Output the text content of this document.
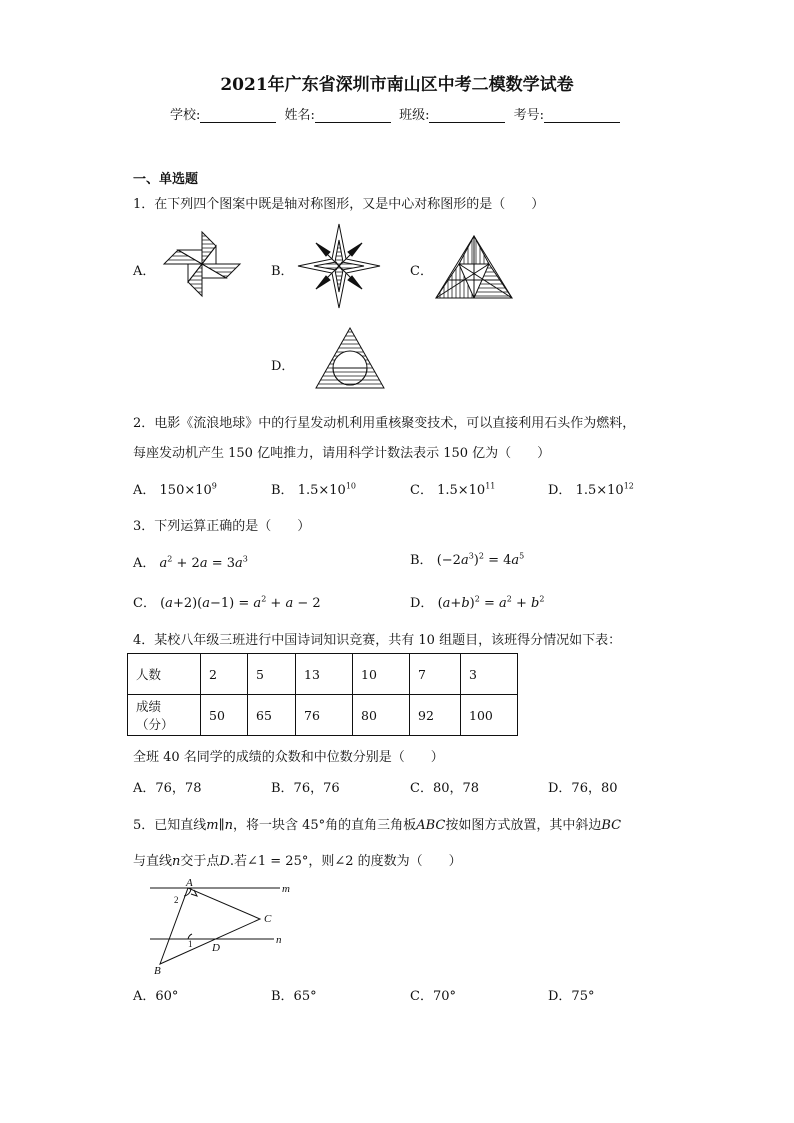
2021年广东省深圳市南山区中考二模数学试卷
学校:	姓名:	班级:	考号:
一、单选题
1．在下列四个图案中既是轴对称图形，又是中心对称图形的是（　　）
A．	B．	C．
D．
2．电影《流浪地球》中的行星发动机利用重核聚变技术，可以直接利用石头作为燃料，
每座发动机产生 150 亿吨推力，请用科学计数法表示 150 亿为（　　）
A． $150\times 10^9$	B． $1.5\times 10^{10}$	C． $1.5\times 10^{11}$	D． $1.5\times 10^{12}$
3．下列运算正确的是（　　）
A． $a^2 + 2a = 3a^3$	B． $(-2a^3)^2 = 4a^5$
C． $(a+2)(a-1) = a^2 + a - 2$	D． $(a+b)^2 = a^2 + b^2$
4．某校八年级三班进行中国诗词知识竞赛，共有 10 组题目，该班得分情况如下表：
人数	2	5	13	10	7	3
成绩（分）	50	65	76	80	92	100
全班 40 名同学的成绩的众数和中位数分别是（　　）
A．76，78	B．76，76	C．80，78	D．76，80
5．已知直线m∥n，将一块含 45°角的直角三角板ABC按如图方式放置，其中斜边BC
与直线n交于点D.若∠1 = 25°，则∠2 的度数为（　　）
A
B
C
D
m
n
2
1
A．60°	B．65°	C．70°	D．75°
